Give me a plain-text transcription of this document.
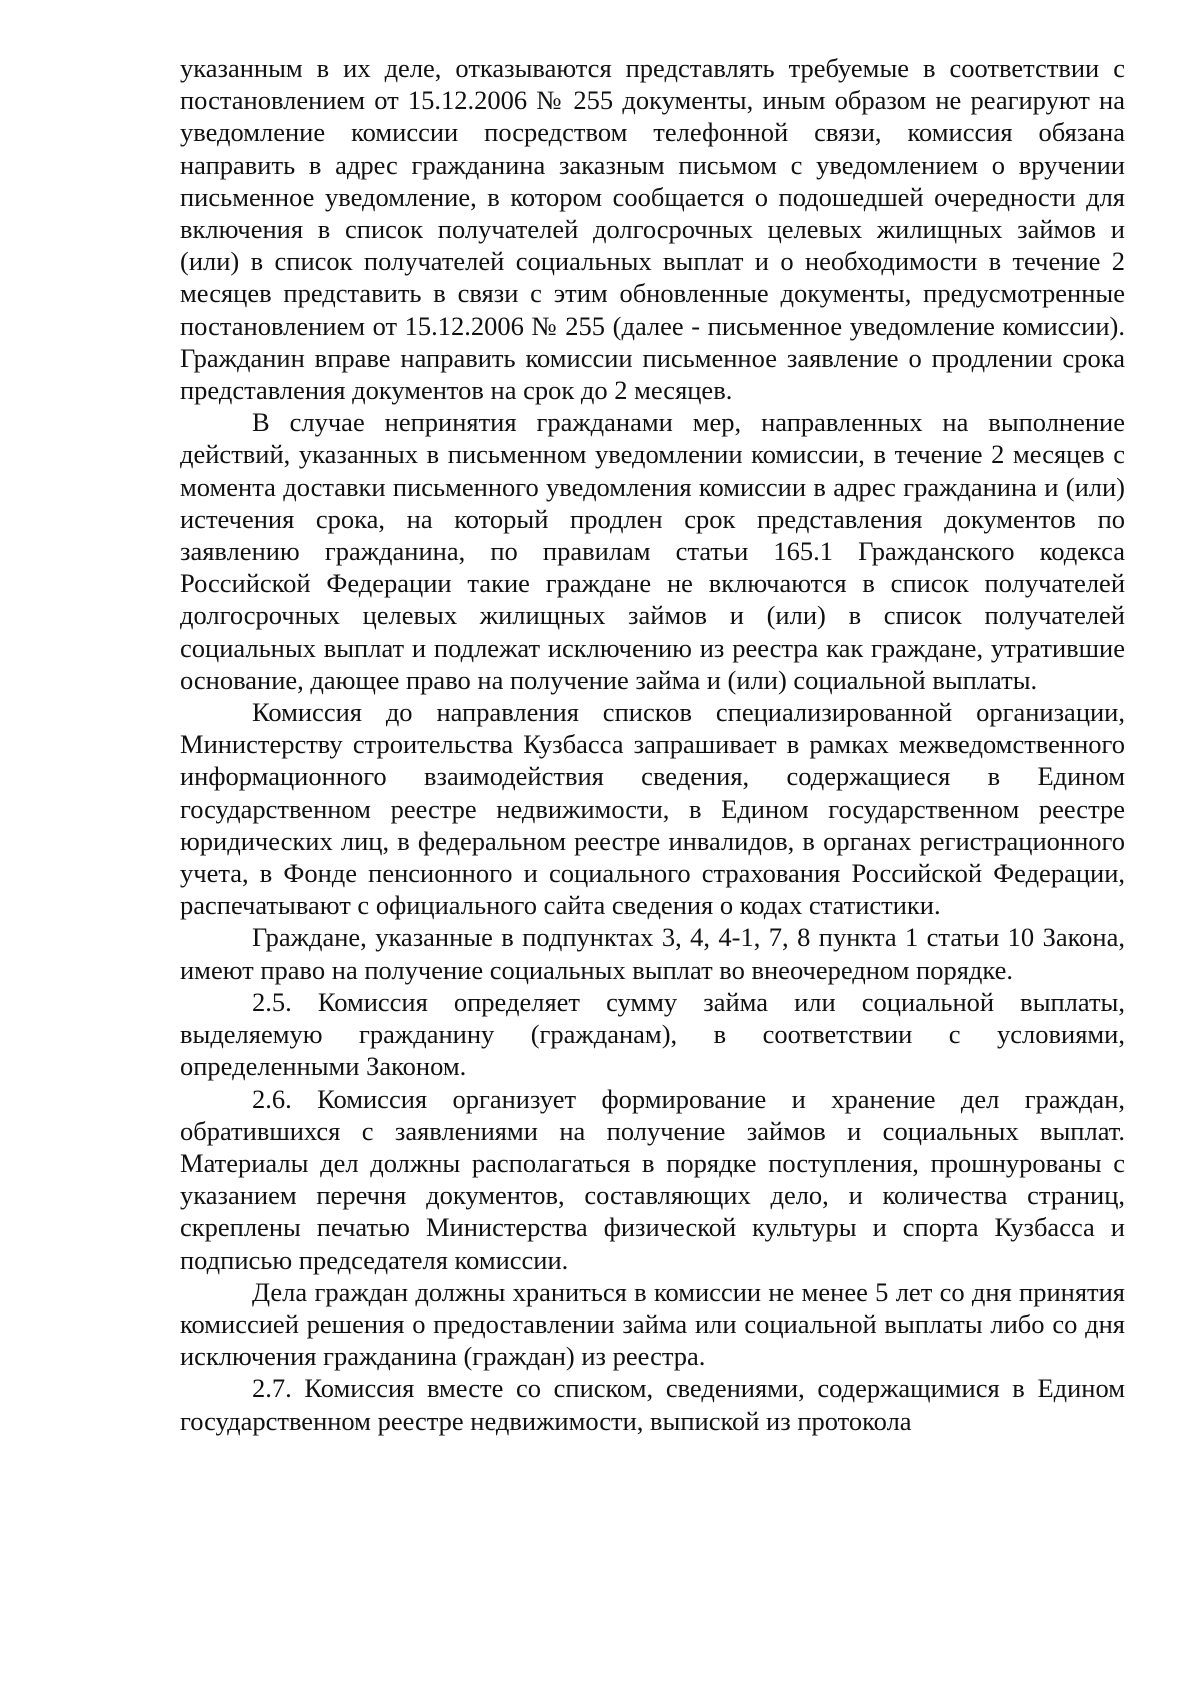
указанным в их деле, отказываются представлять требуемые в соответствии с постановлением от 15.12.2006 № 255 документы, иным образом не реагируют на уведомление комиссии посредством телефонной связи, комиссия обязана направить в адрес гражданина заказным письмом с уведомлением о вручении письменное уведомление, в котором сообщается о подошедшей очередности для включения в список получателей долгосрочных целевых жилищных займов и (или) в список получателей социальных выплат и о необходимости в течение 2 месяцев представить в связи с этим обновленные документы, предусмотренные постановлением от 15.12.2006 № 255 (далее - письменное уведомление комиссии). Гражданин вправе направить комиссии письменное заявление о продлении срока представления документов на срок до 2 месяцев.

В случае непринятия гражданами мер, направленных на выполнение действий, указанных в письменном уведомлении комиссии, в течение 2 месяцев с момента доставки письменного уведомления комиссии в адрес гражданина и (или) истечения срока, на который продлен срок представления документов по заявлению гражданина, по правилам статьи 165.1 Гражданского кодекса Российской Федерации такие граждане не включаются в список получателей долгосрочных целевых жилищных займов и (или) в список получателей социальных выплат и подлежат исключению из реестра как граждане, утратившие основание, дающее право на получение займа и (или) социальной выплаты.

Комиссия до направления списков специализированной организации, Министерству строительства Кузбасса запрашивает в рамках межведомственного информационного взаимодействия сведения, содержащиеся в Едином государственном реестре недвижимости, в Едином государственном реестре юридических лиц, в федеральном реестре инвалидов, в органах регистрационного учета, в Фонде пенсионного и социального страхования Российской Федерации, распечатывают с официального сайта сведения о кодах статистики.

Граждане, указанные в подпунктах 3, 4, 4-1, 7, 8 пункта 1 статьи 10 Закона, имеют право на получение социальных выплат во внеочередном порядке.

2.5. Комиссия определяет сумму займа или социальной выплаты, выделяемую гражданину (гражданам), в соответствии с условиями, определенными Законом.

2.6. Комиссия организует формирование и хранение дел граждан, обратившихся с заявлениями на получение займов и социальных выплат. Материалы дел должны располагаться в порядке поступления, прошнурованы с указанием перечня документов, составляющих дело, и количества страниц, скреплены печатью Министерства физической культуры и спорта Кузбасса и подписью председателя комиссии.

Дела граждан должны храниться в комиссии не менее 5 лет со дня принятия комиссией решения о предоставлении займа или социальной выплаты либо со дня исключения гражданина (граждан) из реестра.

2.7. Комиссия вместе со списком, сведениями, содержащимися в Едином государственном реестре недвижимости, выпиской из протокола
